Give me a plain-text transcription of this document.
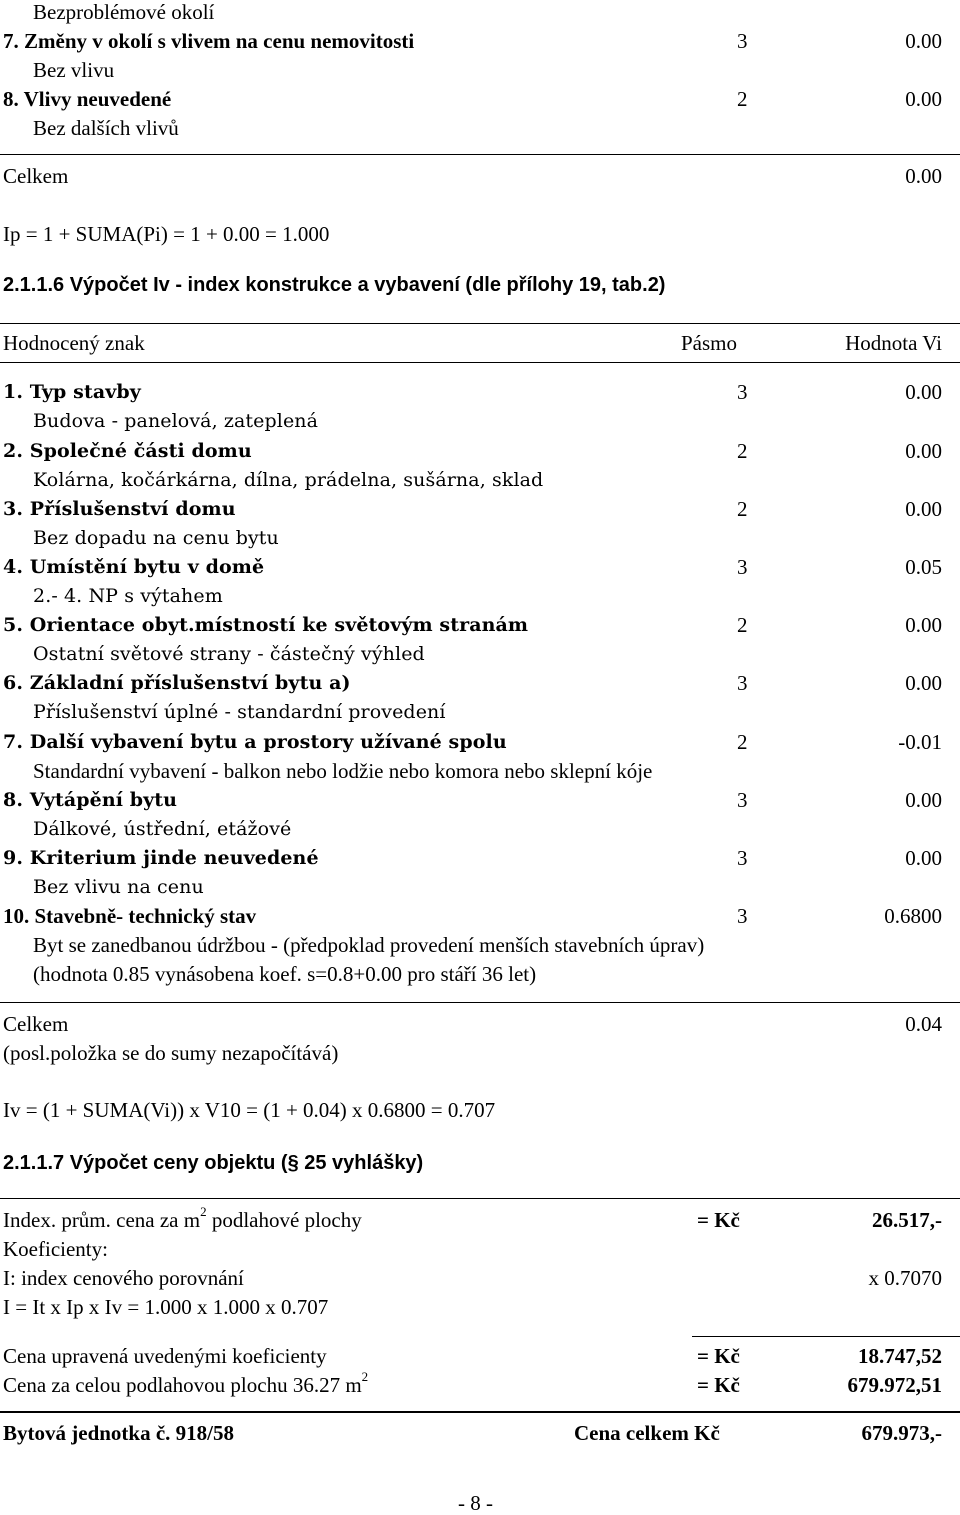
Bezproblémové okolí
7. Změny v okolí s vlivem na cenu nemovitosti	3	0.00
Bez vlivu
8. Vlivy neuvedené	2	0.00
Bez dalších vlivů
Celkem	0.00
Ip = 1 + SUMA(Pi) = 1 + 0.00 = 1.000
2.1.1.6 Výpočet Iv - index konstrukce a vybavení (dle přílohy 19, tab.2)
Hodnocený znak	Pásmo	Hodnota Vi
1. Typ stavby	3	0.00
Budova - panelová, zateplená
2. Společné části domu	2	0.00
Kolárna, kočárkárna, dílna, prádelna, sušárna, sklad
3. Příslušenství domu	2	0.00
Bez dopadu na cenu bytu
4. Umístění bytu v domě	3	0.05
2.- 4. NP s výtahem
5. Orientace obyt.místností ke světovým stranám	2	0.00
Ostatní světové strany - částečný výhled
6. Základní příslušenství bytu a)	3	0.00
Příslušenství úplné - standardní provedení
7. Další vybavení bytu a prostory užívané spolu	2	-0.01
Standardní vybavení - balkon nebo lodžie nebo komora nebo sklepní kóje
8. Vytápění bytu	3	0.00
Dálkové, ústřední, etážové
9. Kriterium jinde neuvedené	3	0.00
Bez vlivu na cenu
10. Stavebně- technický stav	3	0.6800
Byt se zanedbanou údržbou - (předpoklad provedení menších stavebních úprav)
(hodnota 0.85 vynásobena koef. s=0.8+0.00 pro stáří 36 let)
Celkem	0.04
(posl.položka se do sumy nezapočítává)
Iv = (1 + SUMA(Vi)) x V10 = (1 + 0.04) x 0.6800 = 0.707
2.1.1.7 Výpočet ceny objektu (§ 25 vyhlášky)
Index. prům. cena za $m^2$ podlahové plochy	= Kč	26.517,-
Koeficienty:
I: index cenového porovnání	x 0.7070
I = It x Ip x Iv = 1.000 x 1.000 x 0.707
Cena upravená uvedenými koeficienty	= Kč	18.747,52
Cena za celou podlahovou plochu 36.27 $m^2$	= Kč	679.972,51
Bytová jednotka č. 918/58	Cena celkem Kč	679.973,-
- 8 -
